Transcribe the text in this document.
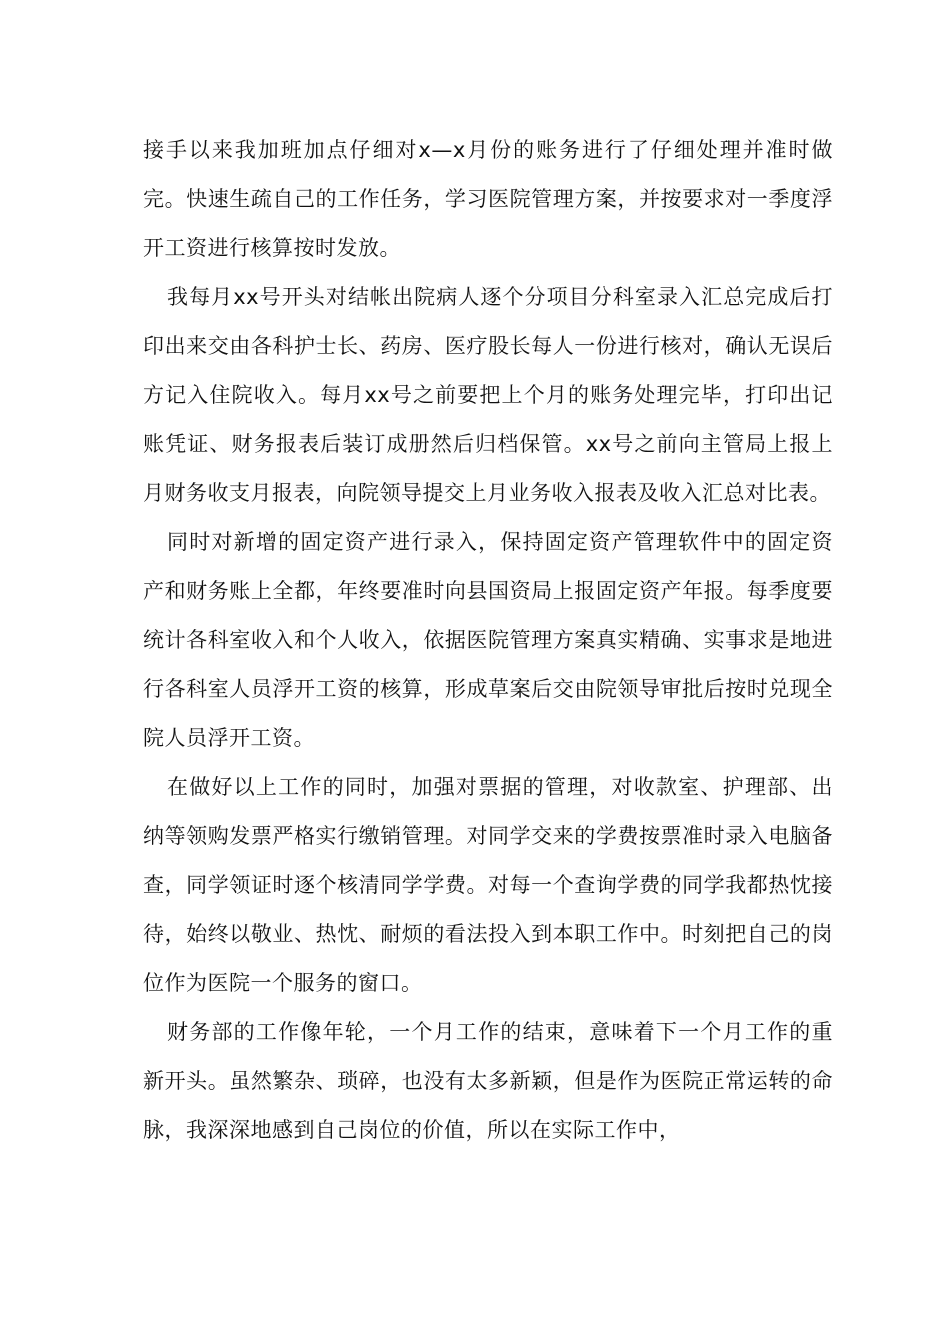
接手以来我加班加点仔细对x—x月份的账务进行了仔细处理并准时做完。快速生疏自己的工作任务，学习医院管理方案，并按要求对一季度浮开工资进行核算按时发放。

我每月xx号开头对结帐出院病人逐个分项目分科室录入汇总完成后打印出来交由各科护士长、药房、医疗股长每人一份进行核对，确认无误后方记入住院收入。每月xx号之前要把上个月的账务处理完毕，打印出记账凭证、财务报表后装订成册然后归档保管。xx号之前向主管局上报上月财务收支月报表，向院领导提交上月业务收入报表及收入汇总对比表。

同时对新增的固定资产进行录入，保持固定资产管理软件中的固定资产和财务账上全都，年终要准时向县国资局上报固定资产年报。每季度要统计各科室收入和个人收入，依据医院管理方案真实精确、实事求是地进行各科室人员浮开工资的核算，形成草案后交由院领导审批后按时兑现全院人员浮开工资。

在做好以上工作的同时，加强对票据的管理，对收款室、护理部、出纳等领购发票严格实行缴销管理。对同学交来的学费按票准时录入电脑备查，同学领证时逐个核清同学学费。对每一个查询学费的同学我都热忱接待，始终以敬业、热忱、耐烦的看法投入到本职工作中。时刻把自己的岗位作为医院一个服务的窗口。

财务部的工作像年轮，一个月工作的结束，意味着下一个月工作的重新开头。虽然繁杂、琐碎，也没有太多新颖，但是作为医院正常运转的命脉，我深深地感到自己岗位的价值，所以在实际工作中，
